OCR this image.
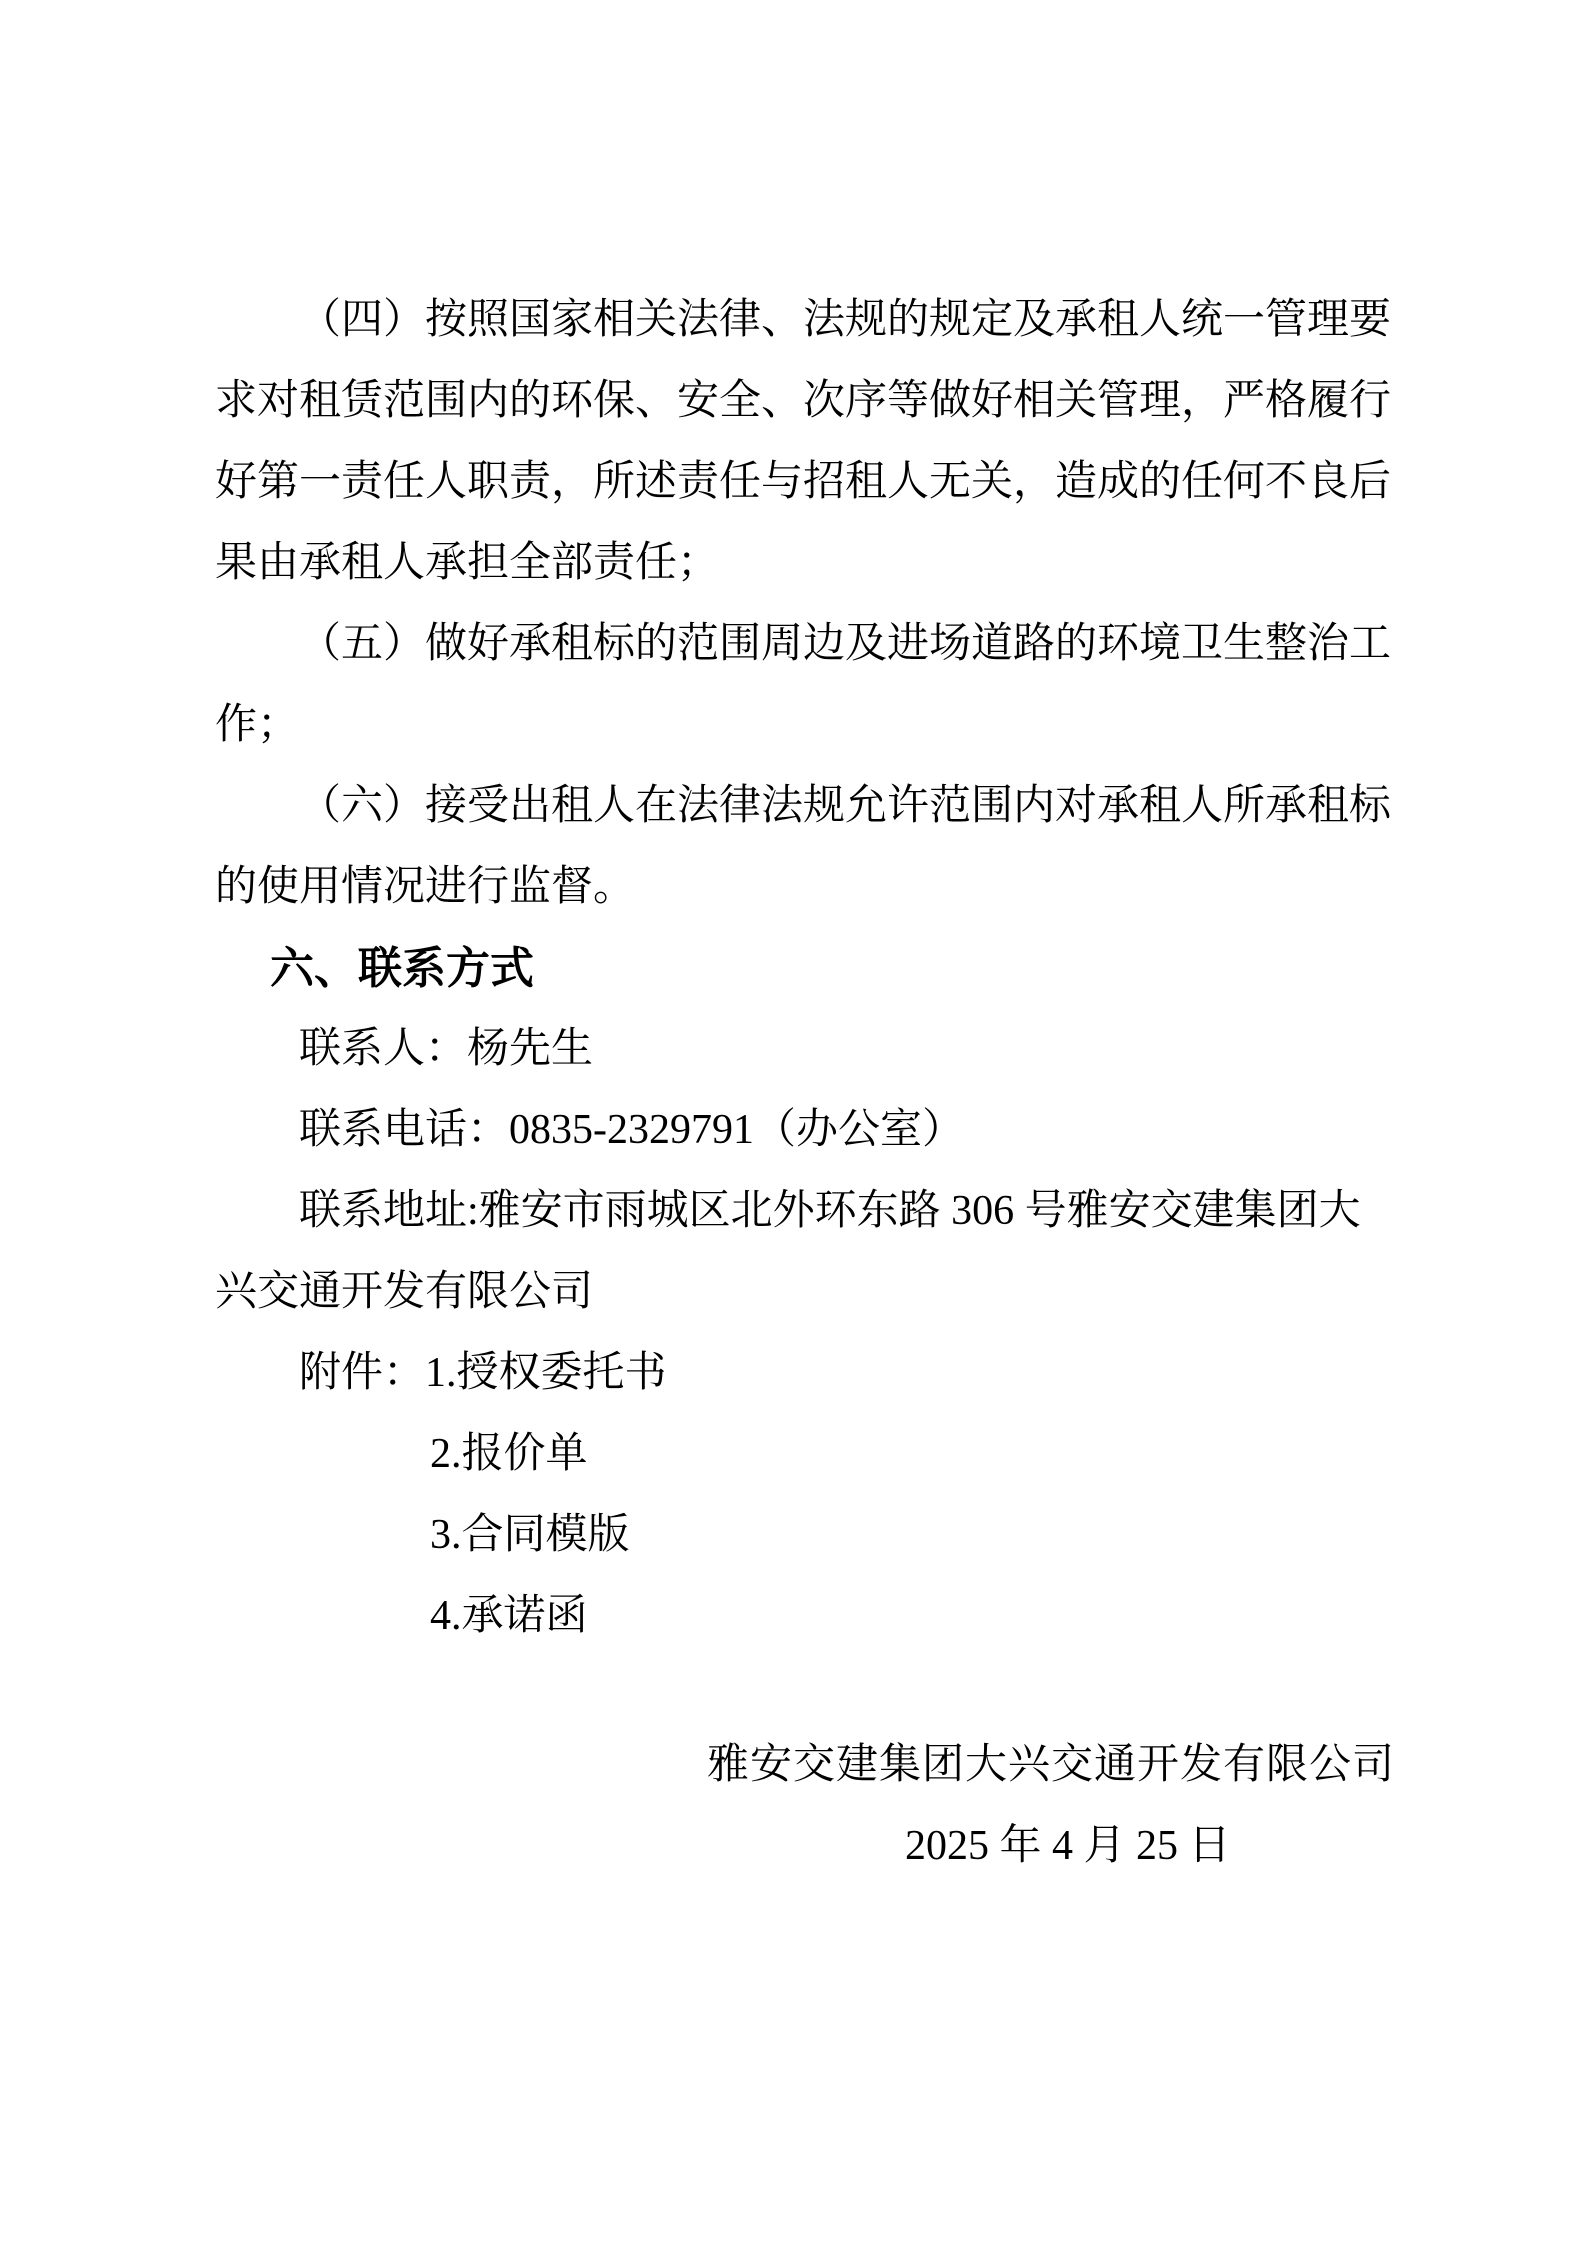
（四）按照国家相关法律、法规的规定及承租人统一管理要
求对租赁范围内的环保、安全、次序等做好相关管理，严格履行
好第一责任人职责，所述责任与招租人无关，造成的任何不良后
果由承租人承担全部责任；
（五）做好承租标的范围周边及进场道路的环境卫生整治工
作；
（六）接受出租人在法律法规允许范围内对承租人所承租标
的使用情况进行监督。
六、联系方式
联系人：杨先生
联系电话：0835-2329791（办公室）
联系地址:雅安市雨城区北外环东路 306 号雅安交建集团大
兴交通开发有限公司
附件：1.授权委托书
2.报价单
3.合同模版
4.承诺函
雅安交建集团大兴交通开发有限公司
2025 年 4 月 25 日
